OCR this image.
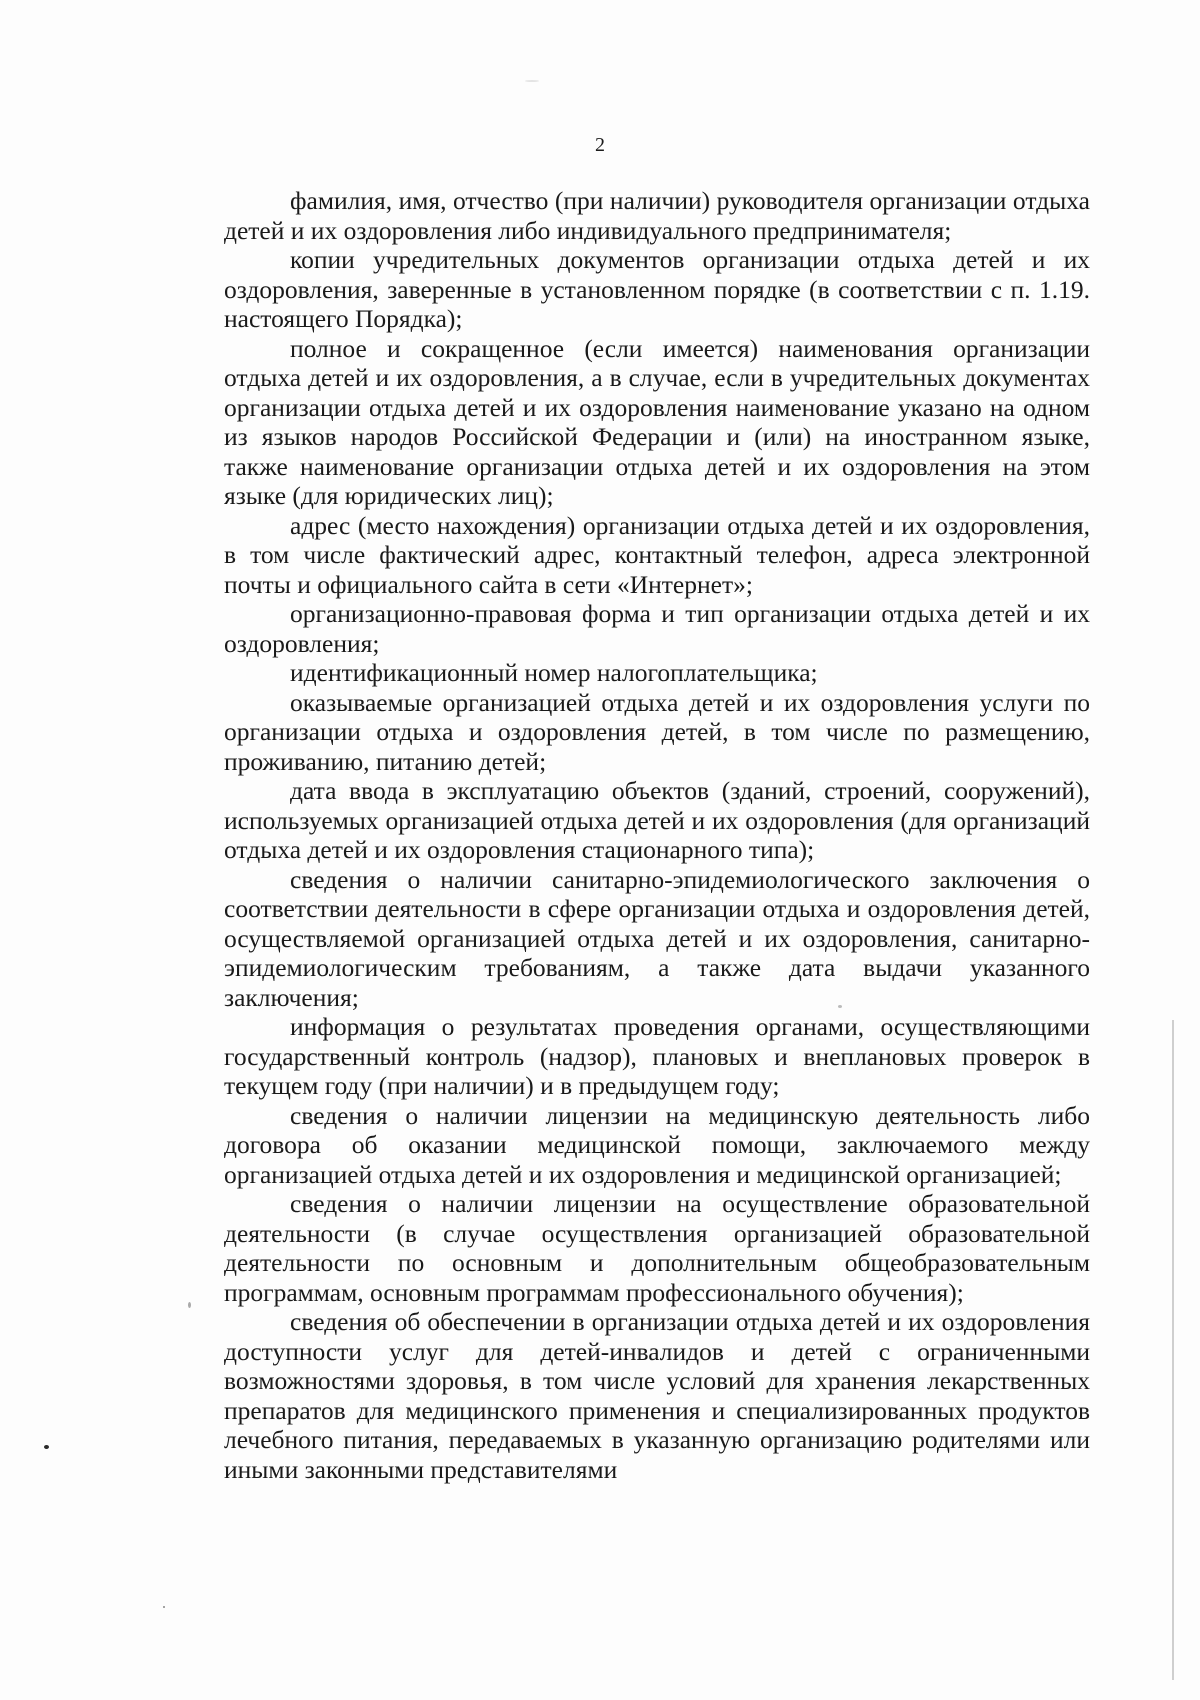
2

фамилия, имя, отчество (при наличии) руководителя организации отдыха детей и их оздоровления либо индивидуального предпринимателя;

копии учредительных документов организации отдыха детей и их оздоровления, заверенные в установленном порядке (в соответствии с п. 1.19. настоящего Порядка);

полное и сокращенное (если имеется) наименования организации отдыха детей и их оздоровления, а в случае, если в учредительных документах организации отдыха детей и их оздоровления наименование указано на одном из языков народов Российской Федерации и (или) на иностранном языке, также наименование организации отдыха детей и их оздоровления на этом языке (для юридических лиц);

адрес (место нахождения) организации отдыха детей и их оздоровления, в том числе фактический адрес, контактный телефон, адреса электронной почты и официального сайта в сети «Интернет»;

организационно-правовая форма и тип организации отдыха детей и их оздоровления;

идентификационный номер налогоплательщика;

оказываемые организацией отдыха детей и их оздоровления услуги по организации отдыха и оздоровления детей, в том числе по размещению, проживанию, питанию детей;

дата ввода в эксплуатацию объектов (зданий, строений, сооружений), используемых организацией отдыха детей и их оздоровления (для организаций отдыха детей и их оздоровления стационарного типа);

сведения о наличии санитарно-эпидемиологического заключения о соответствии деятельности в сфере организации отдыха и оздоровления детей, осуществляемой организацией отдыха детей и их оздоровления, санитарно-эпидемиологическим требованиям, а также дата выдачи указанного заключения;

информация о результатах проведения органами, осуществляющими государственный контроль (надзор), плановых и внеплановых проверок в текущем году (при наличии) и в предыдущем году;

сведения о наличии лицензии на медицинскую деятельность либо договора об оказании медицинской помощи, заключаемого между организацией отдыха детей и их оздоровления и медицинской организацией;

сведения о наличии лицензии на осуществление образовательной деятельности (в случае осуществления организацией образовательной деятельности по основным и дополнительным общеобразовательным программам, основным программам профессионального обучения);

сведения об обеспечении в организации отдыха детей и их оздоровления доступности услуг для детей-инвалидов и детей с ограниченными возможностями здоровья, в том числе условий для хранения лекарственных препаратов для медицинского применения и специализированных продуктов лечебного питания, передаваемых в указанную организацию родителями или иными законными представителями
